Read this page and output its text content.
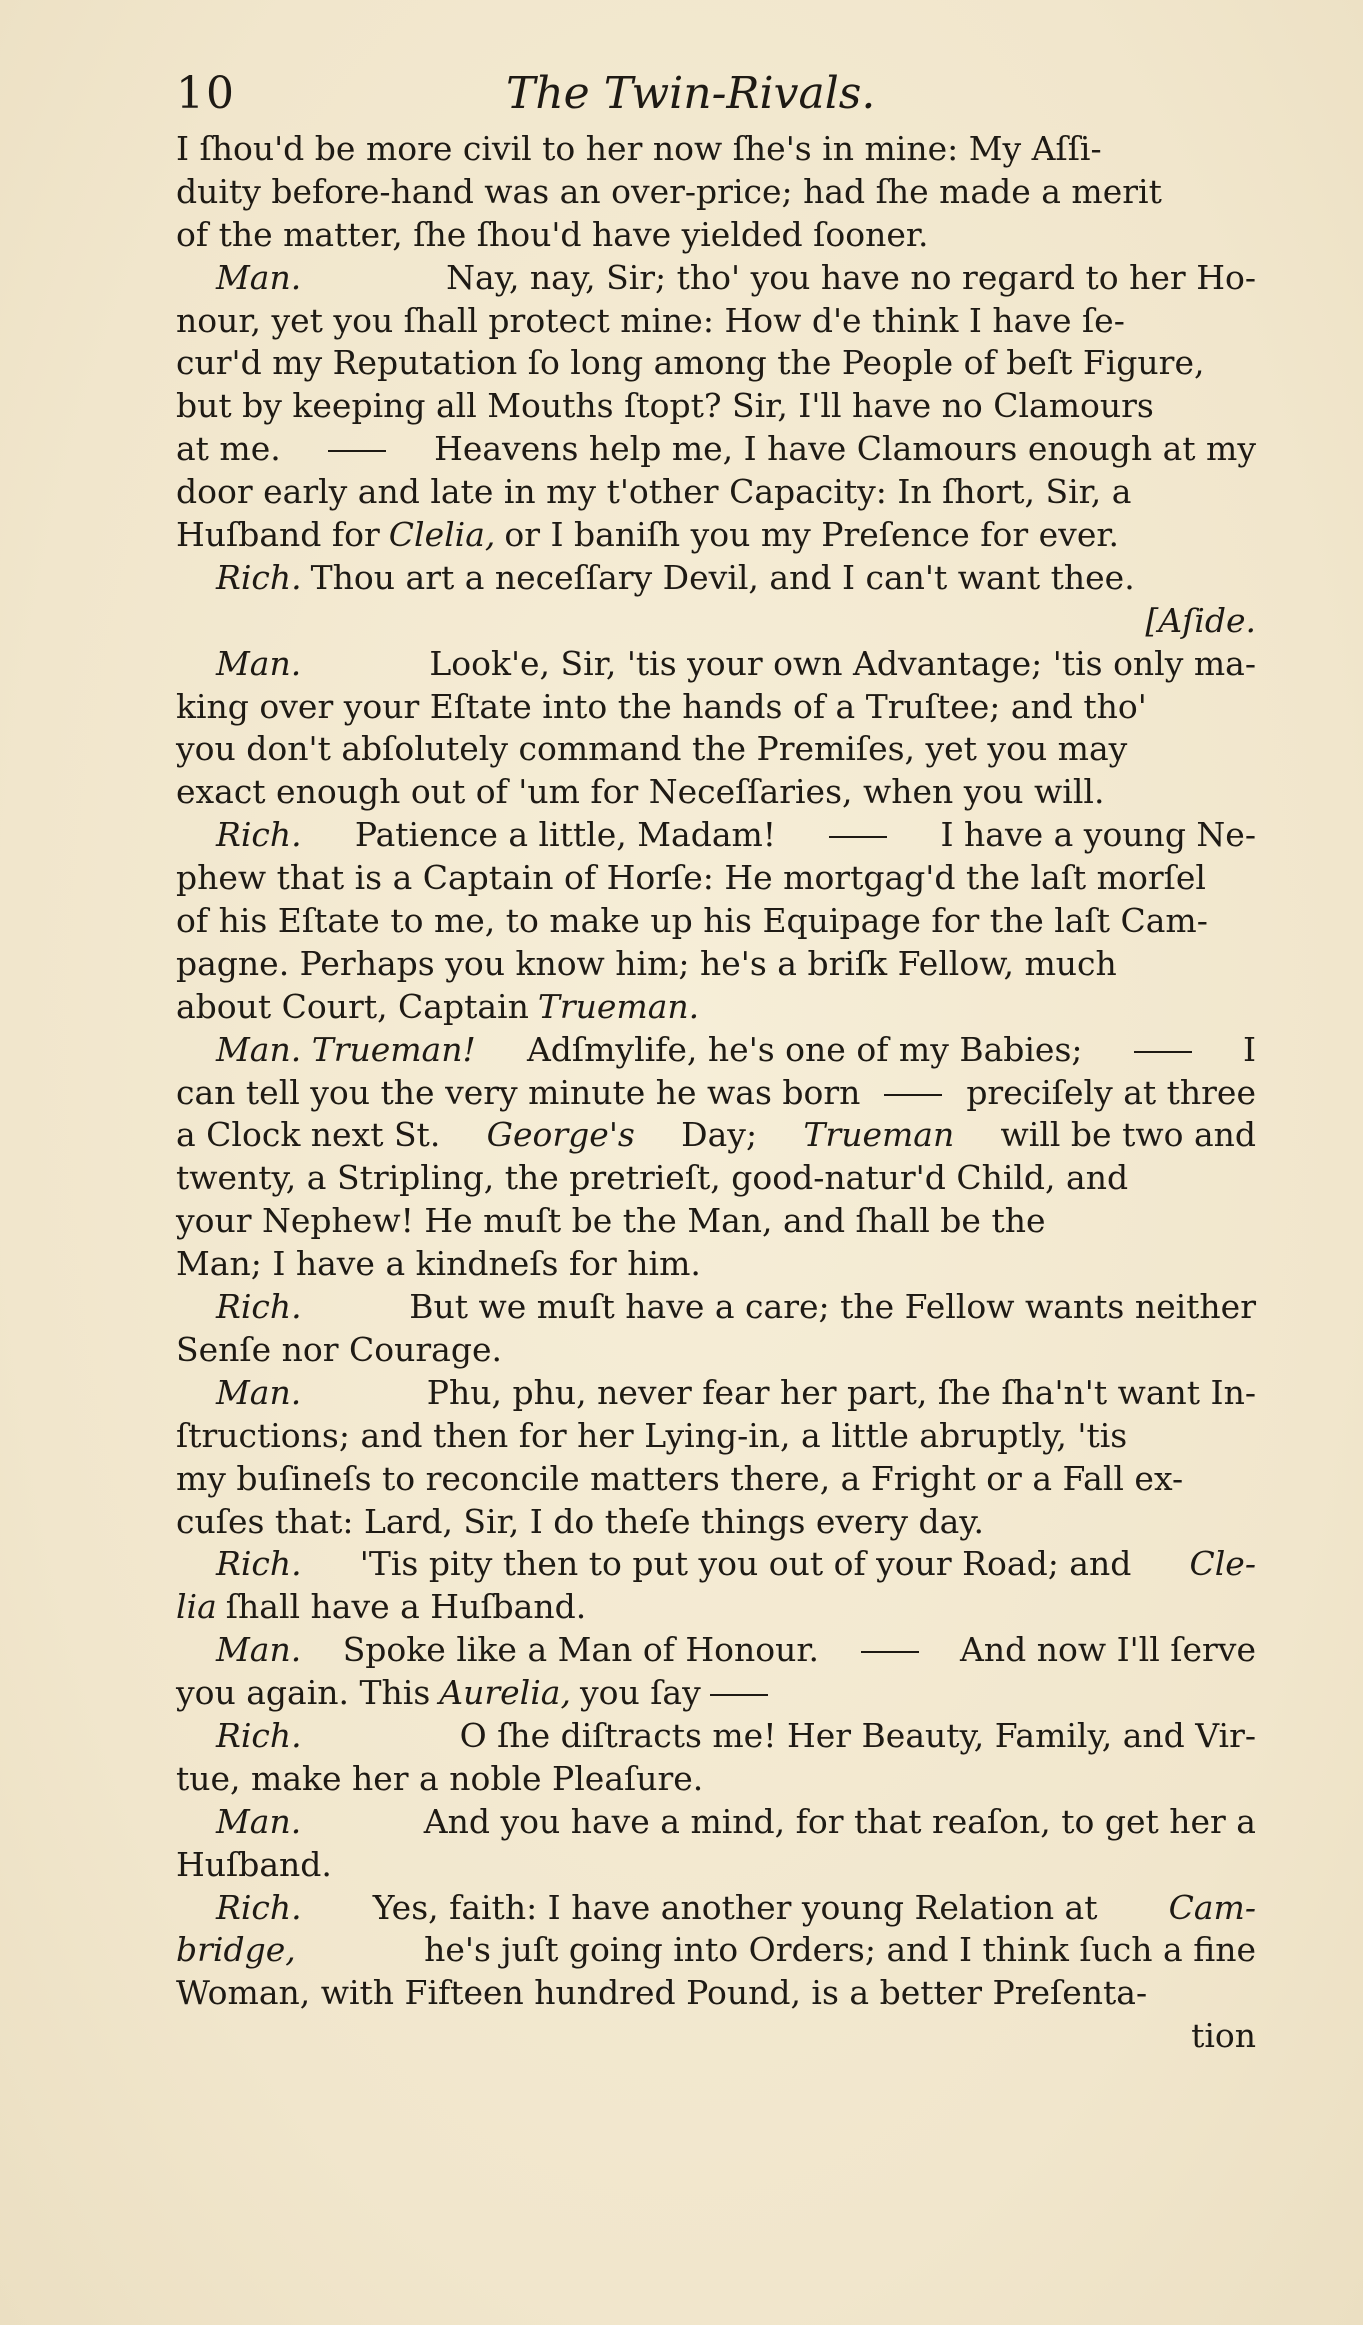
10	The Twin-Rivals.
I ſhou'd be more civil to her now ſhe's in mine: My Aſſi-
duity before-hand was an over-price; had ſhe made a merit
of the matter, ſhe ſhou'd have yielded ſooner.
Man.	Nay, nay, Sir; tho' you have no regard to her Ho-
nour, yet you ſhall protect mine: How d'e think I have ſe-
cur'd my Reputation ſo long among the People of beſt Figure,
but by keeping all Mouths ſtopt? Sir, I'll have no Clamours
at me.	Heavens help me, I have Clamours enough at my
door early and late in my t'other Capacity: In ſhort, Sir, a
Huſband for Clelia, or I baniſh you my Preſence for ever.
Rich. Thou art a neceſſary Devil, and I can't want thee.
[Aſide.
Man.	Look'e, Sir, 'tis your own Advantage; 'tis only ma-
king over your Eſtate into the hands of a Truſtee; and tho'
you don't abſolutely command the Premiſes, yet you may
exact enough out of 'um for Neceſſaries, when you will.
Rich. Patience a little, Madam!	I have a young Ne-
phew that is a Captain of Horſe: He mortgag'd the laſt morſel
of his Eſtate to me, to make up his Equipage for the laſt Cam-
pagne. Perhaps you know him; he's a briſk Fellow, much
about Court, Captain Trueman.
Man. Trueman! Adſmylife, he's one of my Babies;	I
can tell you the very minute he was born	preciſely at three
a Clock next St. George's Day; Trueman will be two and
twenty, a Stripling, the pretrieſt, good-natur'd Child, and
your Nephew! He muſt be the Man, and ſhall be the
Man; I have a kindneſs for him.
Rich.	But we muſt have a care; the Fellow wants neither
Senſe nor Courage.
Man.	Phu, phu, never fear her part, ſhe ſha'n't want In-
ſtructions; and then for her Lying-in, a little abruptly, 'tis
my buſineſs to reconcile matters there, a Fright or a Fall ex-
cuſes that: Lard, Sir, I do theſe things every day.
Rich. 'Tis pity then to put you out of your Road; and Cle-
lia ſhall have a Huſband.
Man. Spoke like a Man of Honour.	And now I'll ſerve
you again. This Aurelia, you ſay
Rich.	O ſhe diſtracts me! Her Beauty, Family, and Vir-
tue, make her a noble Pleaſure.
Man.	And you have a mind, for that reaſon, to get her a
Huſband.
Rich. Yes, faith: I have another young Relation at Cam-
bridge,	he's juſt going into Orders; and I think ſuch a fine
Woman, with Fifteen hundred Pound, is a better Preſenta-
tion
